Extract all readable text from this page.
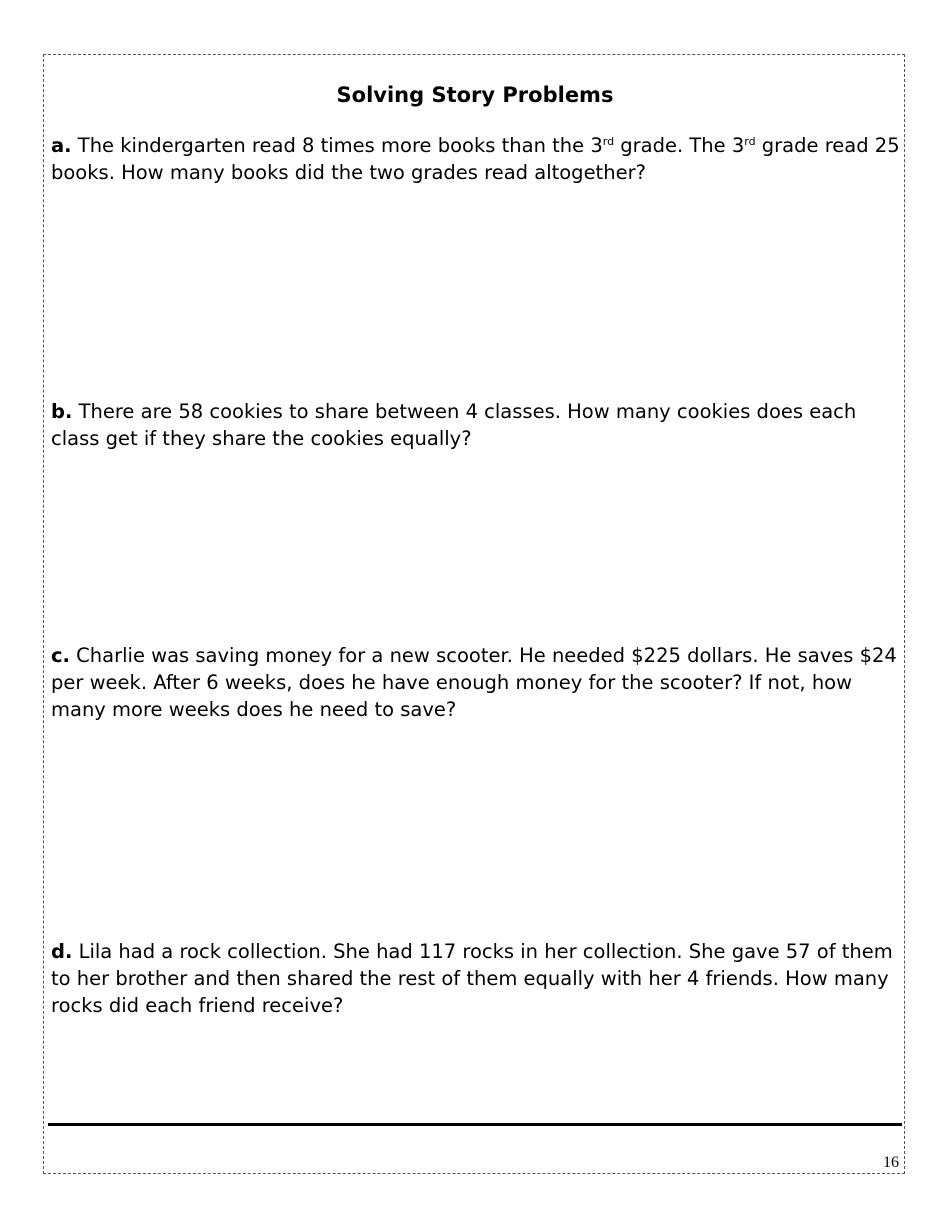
Solving Story Problems
a. The kindergarten read 8 times more books than the 3rd grade. The 3rd grade read 25 books. How many books did the two grades read altogether?
b. There are 58 cookies to share between 4 classes. How many cookies does each class get if they share the cookies equally?
c. Charlie was saving money for a new scooter. He needed $225 dollars. He saves $24 per week. After 6 weeks, does he have enough money for the scooter? If not, how many more weeks does he need to save?
d. Lila had a rock collection. She had 117 rocks in her collection. She gave 57 of them to her brother and then shared the rest of them equally with her 4 friends. How many rocks did each friend receive?
16
